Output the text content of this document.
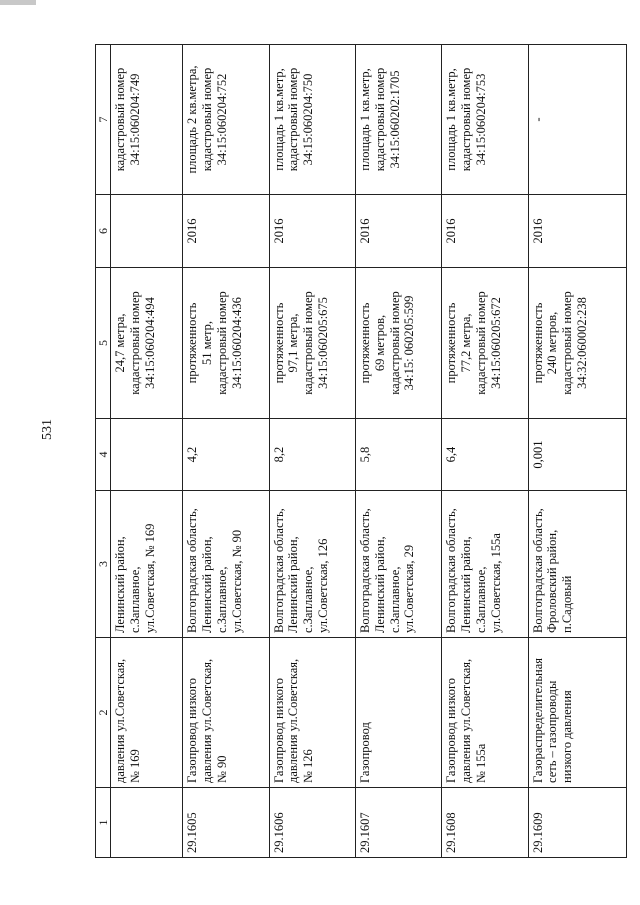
531
1	2	3	4	5	6	7
	давления ул.Советская,
№ 169	Ленинский район,
с.Заплавное,
ул.Советская, № 169		24,7 метра,
кадастровый номер
34:15:060204:494		кадастровый номер
34:15:060204:749
29.1605	Газопровод низкого
давления ул.Советская,
№ 90	Волгоградская область,
Ленинский район,
с.Заплавное,
ул.Советская, № 90	4,2	протяженность
51 метр,
кадастровый номер
34:15:060204:436	2016	площадь 2 кв.метра,
кадастровый номер
34:15:060204:752
29.1606	Газопровод низкого
давления ул.Советская,
№ 126	Волгоградская область,
Ленинский район,
с.Заплавное,
ул.Советская, 126	8,2	протяженность
97,1 метра,
кадастровый номер
34:15:060205:675	2016	площадь 1 кв.метр,
кадастровый номер
34:15:060204:750
29.1607	Газопровод	Волгоградская область,
Ленинский район,
с.Заплавное,
ул.Советская, 29	5,8	протяженность
69 метров,
кадастровый номер
34:15: 060205:599	2016	площадь 1 кв.метр,
кадастровый номер
34:15:060202:1705
29.1608	Газопровод низкого
давления ул.Советская,
№ 155а	Волгоградская область,
Ленинский район,
с.Заплавное,
ул.Советская, 155а	6,4	протяженность
77,2 метра,
кадастровый номер
34:15:060205:672	2016	площадь 1 кв.метр,
кадастровый номер
34:15:060204:753
29.1609	Газораспределительная
сеть – газопроводы
низкого давления	Волгоградская область,
Фроловский район,
п.Садовый	0,001	протяженность
240 метров,
кадастровый номер
34:32:060002:238	2016	-
